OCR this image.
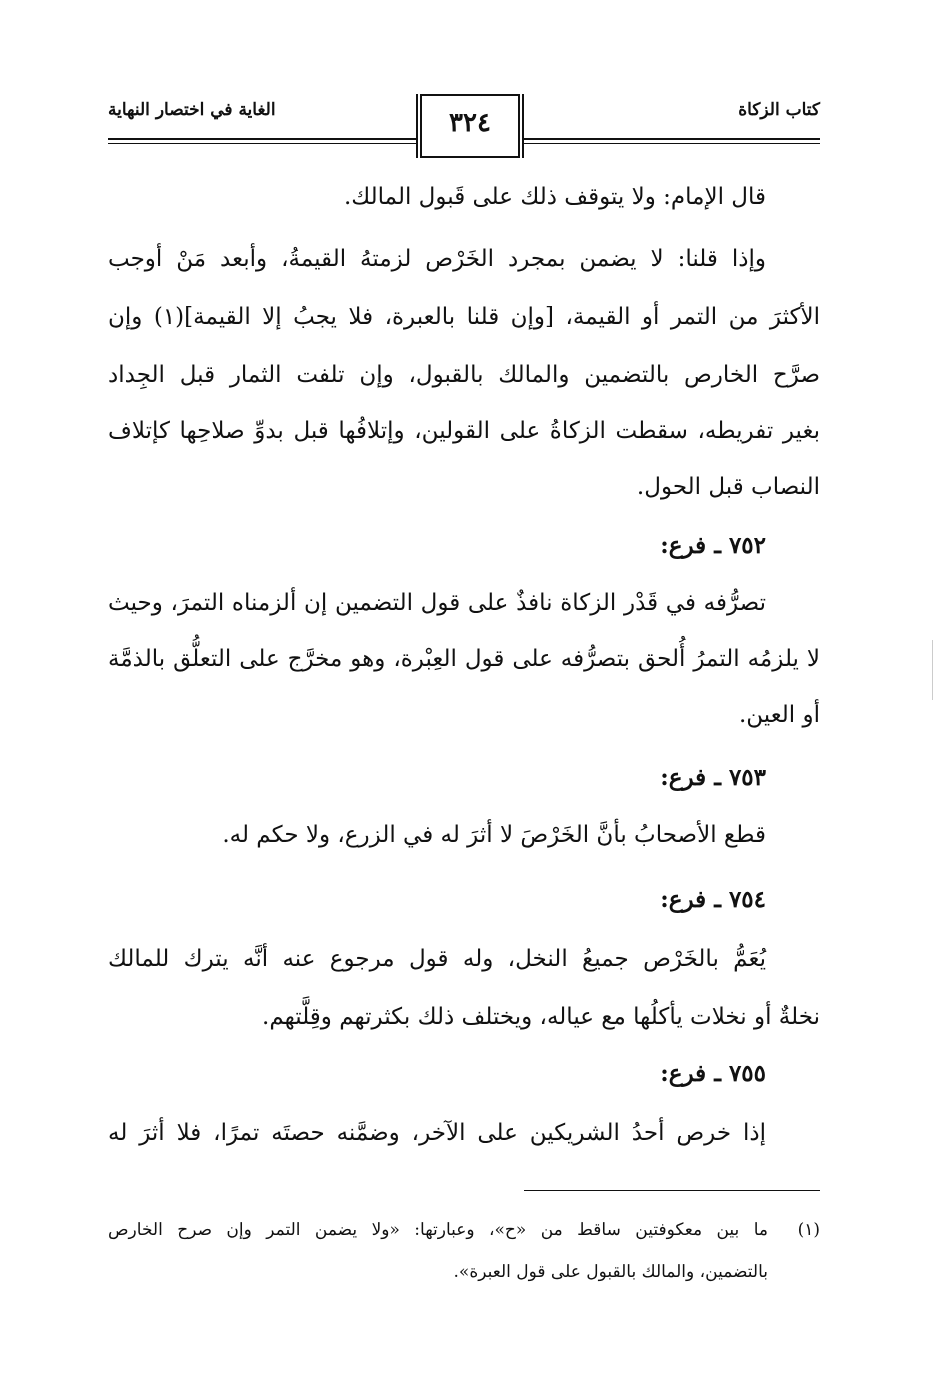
الغاية في اختصار النهاية	كتاب الزكاة
٣٢٤
قال الإمام: ولا يتوقف ذلك على قَبول المالك.
وإذا قلنا: لا يضمن بمجرد الخَرْص لزمتهُ القيمةُ، وأبعد مَنْ أوجب
الأكثرَ من التمر أو القيمة، [وإن قلنا بالعبرة، فلا يجبُ إلا القيمة](١) وإن
صرَّح الخارص بالتضمين والمالك بالقبول، وإن تلفت الثمار قبل الجِداد
بغير تفريطه، سقطت الزكاةُ على القولين، وإتلافُها قبل بدوِّ صلاحِها كإتلاف
النصاب قبل الحول.
٧٥٢ ـ فرع:
تصرُّفه في قَدْر الزكاة نافذٌ على قول التضمين إن ألزمناه التمرَ، وحيث
لا يلزمُه التمرُ أُلحق بتصرُّفه على قول العِبْرة، وهو مخرَّج على التعلُّق بالذمَّة
أو العين.
٧٥٣ ـ فرع:
قطع الأصحابُ بأنَّ الخَرْصَ لا أثرَ له في الزرع، ولا حكم له.
٧٥٤ ـ فرع:
يُعَمُّ بالخَرْص جميعُ النخل، وله قول مرجوع عنه أنَّه يترك للمالك
نخلةٌ أو نخلات يأكلُها مع عياله، ويختلف ذلك بكثرتهم وقِلَّتهم.
٧٥٥ ـ فرع:
إذا خرص أحدُ الشريكين على الآخر، وضمَّنه حصتَه تمرًا، فلا أثرَ له
(١)
ما بين معكوفتين ساقط من «ح»، وعبارتها: «ولا يضمن التمر وإن صرح الخارص
بالتضمين، والمالك بالقبول على قول العبرة».
